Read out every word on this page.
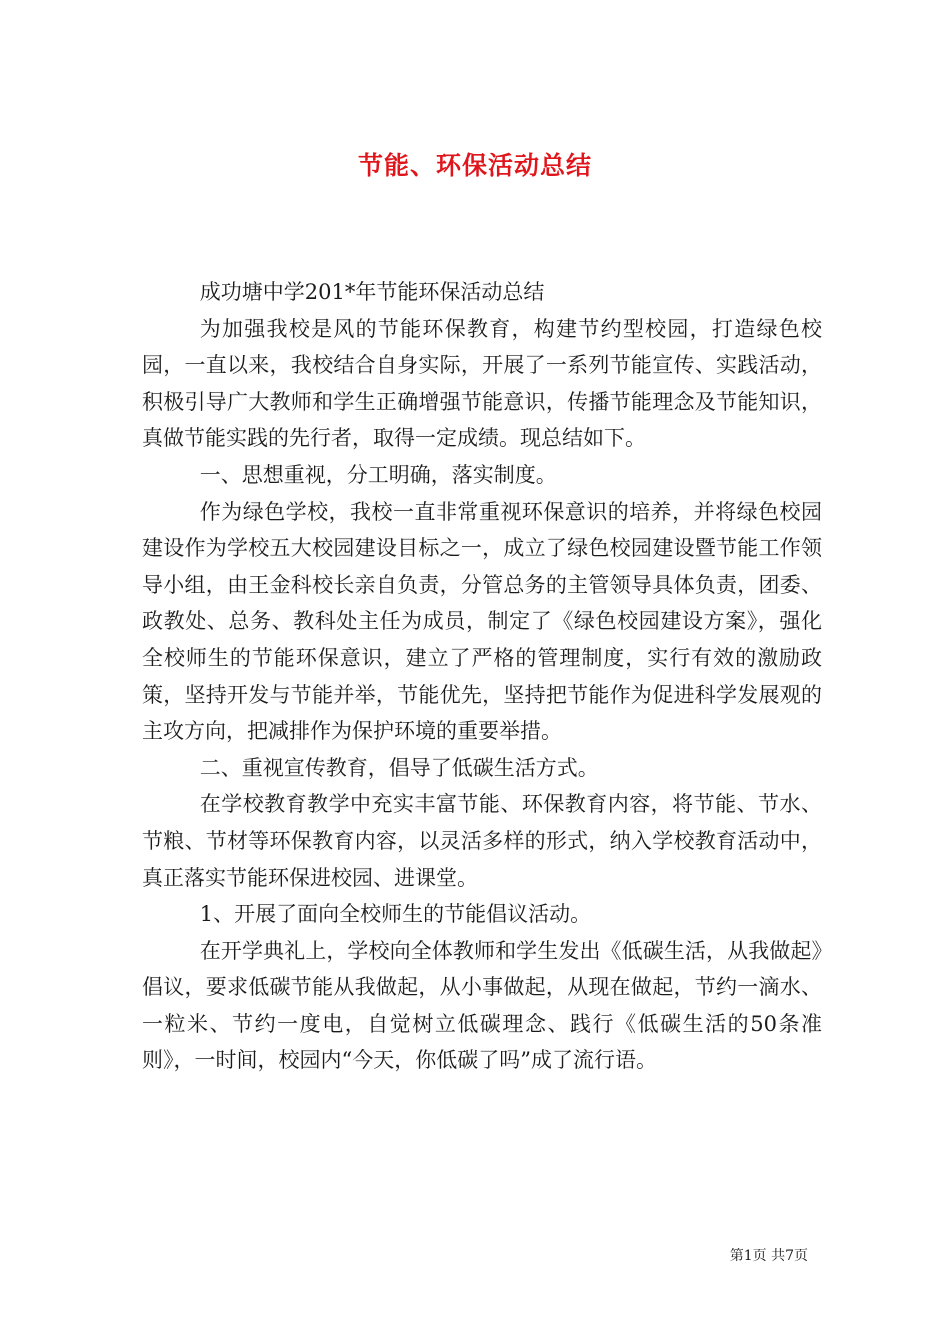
节能、环保活动总结

成功塘中学201*年节能环保活动总结

为加强我校是风的节能环保教育，构建节约型校园，打造绿色校园，一直以来，我校结合自身实际，开展了一系列节能宣传、实践活动，积极引导广大教师和学生正确增强节能意识，传播节能理念及节能知识，真做节能实践的先行者，取得一定成绩。现总结如下。

一、思想重视，分工明确，落实制度。

作为绿色学校，我校一直非常重视环保意识的培养，并将绿色校园建设作为学校五大校园建设目标之一，成立了绿色校园建设暨节能工作领导小组，由王金科校长亲自负责，分管总务的主管领导具体负责，团委、政教处、总务、教科处主任为成员，制定了《绿色校园建设方案》，强化全校师生的节能环保意识，建立了严格的管理制度，实行有效的激励政策，坚持开发与节能并举，节能优先，坚持把节能作为促进科学发展观的主攻方向，把减排作为保护环境的重要举措。

二、重视宣传教育，倡导了低碳生活方式。

在学校教育教学中充实丰富节能、环保教育内容，将节能、节水、节粮、节材等环保教育内容，以灵活多样的形式，纳入学校教育活动中，真正落实节能环保进校园、进课堂。

1、开展了面向全校师生的节能倡议活动。

在开学典礼上，学校向全体教师和学生发出《低碳生活，从我做起》倡议，要求低碳节能从我做起，从小事做起，从现在做起，节约一滴水、一粒米、节约一度电，自觉树立低碳理念、践行《低碳生活的50条准则》，一时间，校园内“今天，你低碳了吗”成了流行语。

第1页 共7页
